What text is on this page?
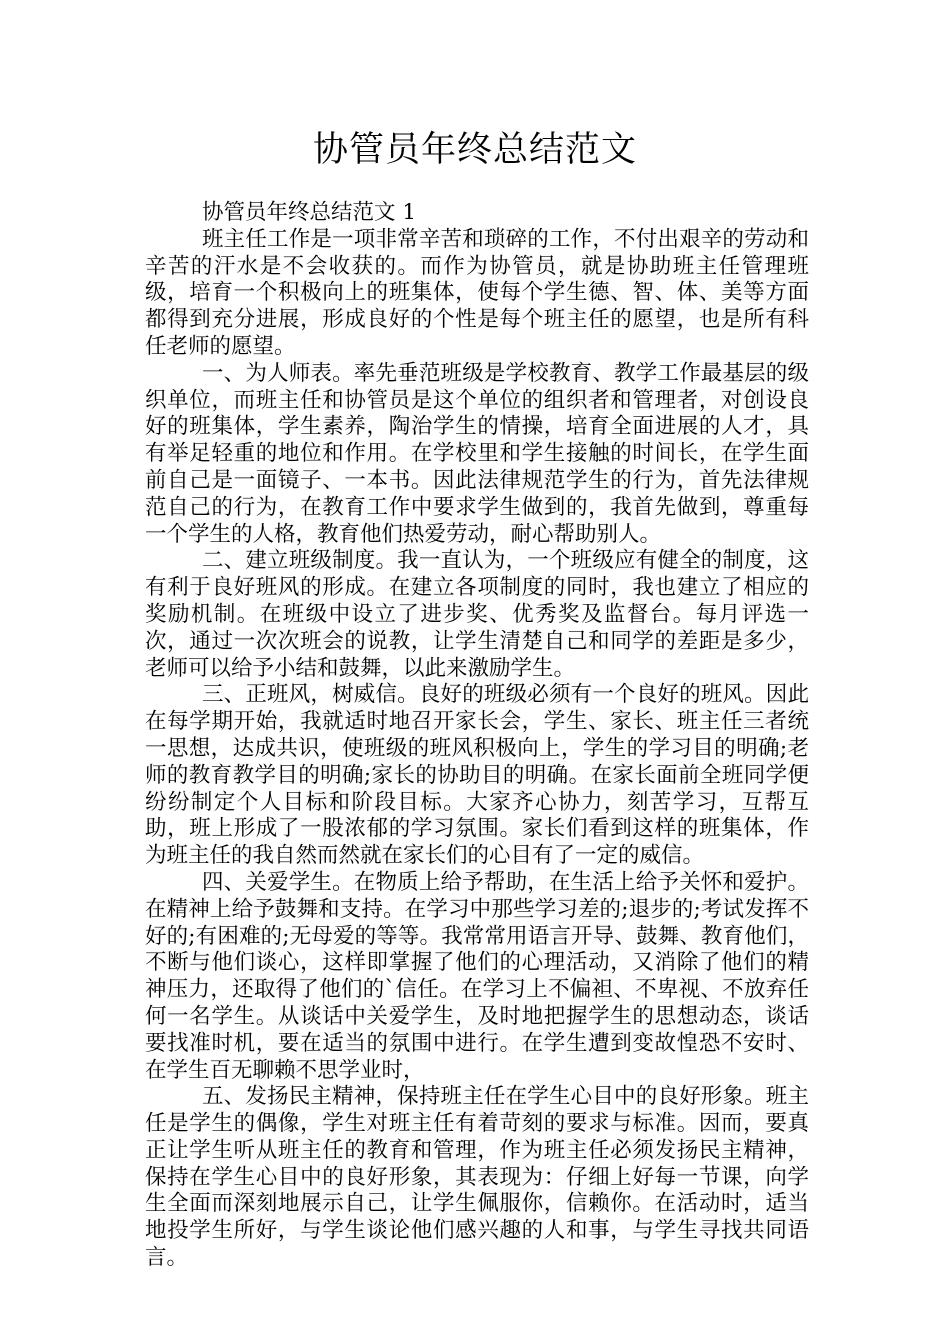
协管员年终总结范文

协管员年终总结范文 1

班主任工作是一项非常辛苦和琐碎的工作，不付出艰辛的劳动和辛苦的汗水是不会收获的。而作为协管员，就是协助班主任管理班级，培育一个积极向上的班集体，使每个学生德、智、体、美等方面都得到充分进展，形成良好的个性是每个班主任的愿望，也是所有科任老师的愿望。

一、为人师表。率先垂范班级是学校教育、教学工作最基层的级织单位，而班主任和协管员是这个单位的组织者和管理者，对创设良好的班集体，学生素养，陶治学生的情操，培育全面进展的人才，具有举足轻重的地位和作用。在学校里和学生接触的时间长，在学生面前自己是一面镜子、一本书。因此法律规范学生的行为，首先法律规范自己的行为，在教育工作中要求学生做到的，我首先做到，尊重每一个学生的人格，教育他们热爱劳动，耐心帮助别人。

二、建立班级制度。我一直认为，一个班级应有健全的制度，这有利于良好班风的形成。在建立各项制度的同时，我也建立了相应的奖励机制。在班级中设立了进步奖、优秀奖及监督台。每月评选一次，通过一次次班会的说教，让学生清楚自己和同学的差距是多少，老师可以给予小结和鼓舞，以此来激励学生。

三、正班风，树威信。良好的班级必须有一个良好的班风。因此在每学期开始，我就适时地召开家长会，学生、家长、班主任三者统一思想，达成共识，使班级的班风积极向上，学生的学习目的明确;老师的教育教学目的明确;家长的协助目的明确。在家长面前全班同学便纷纷制定个人目标和阶段目标。大家齐心协力，刻苦学习，互帮互助，班上形成了一股浓郁的学习氛围。家长们看到这样的班集体，作为班主任的我自然而然就在家长们的心目有了一定的威信。

四、关爱学生。在物质上给予帮助，在生活上给予关怀和爱护。在精神上给予鼓舞和支持。在学习中那些学习差的;退步的;考试发挥不好的;有困难的;无母爱的等等。我常常用语言开导、鼓舞、教育他们，不断与他们谈心，这样即掌握了他们的心理活动，又消除了他们的精神压力，还取得了他们的`信任。在学习上不偏袒、不卑视、不放弃任何一名学生。从谈话中关爱学生，及时地把握学生的思想动态，谈话要找准时机，要在适当的氛围中进行。在学生遭到变故惶恐不安时、在学生百无聊赖不思学业时，

五、发扬民主精神，保持班主任在学生心目中的良好形象。班主任是学生的偶像，学生对班主任有着苛刻的要求与标准。因而，要真正让学生听从班主任的教育和管理，作为班主任必须发扬民主精神，保持在学生心目中的良好形象，其表现为：仔细上好每一节课，向学生全面而深刻地展示自己，让学生佩服你，信赖你。在活动时，适当地投学生所好，与学生谈论他们感兴趣的人和事，与学生寻找共同语言。
